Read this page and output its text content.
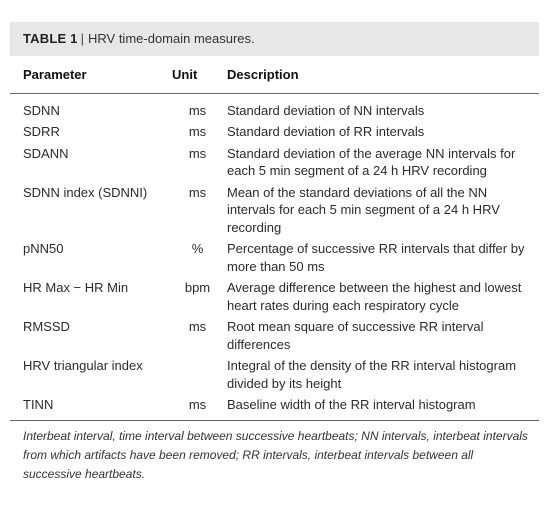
TABLE 1 | HRV time-domain measures.
Parameter	Unit	Description
SDNN	ms	Standard deviation of NN intervals
SDRR	ms	Standard deviation of RR intervals
SDANN	ms	Standard deviation of the average NN intervals for each 5 min segment of a 24 h HRV recording
SDNN index (SDNNI)	ms	Mean of the standard deviations of all the NN intervals for each 5 min segment of a 24 h HRV recording
pNN50	%	Percentage of successive RR intervals that differ by more than 50 ms
HR Max − HR Min	bpm	Average difference between the highest and lowest heart rates during each respiratory cycle
RMSSD	ms	Root mean square of successive RR interval differences
HRV triangular index		Integral of the density of the RR interval histogram divided by its height
TINN	ms	Baseline width of the RR interval histogram
Interbeat interval, time interval between successive heartbeats; NN intervals, interbeat intervals from which artifacts have been removed; RR intervals, interbeat intervals between all successive heartbeats.
